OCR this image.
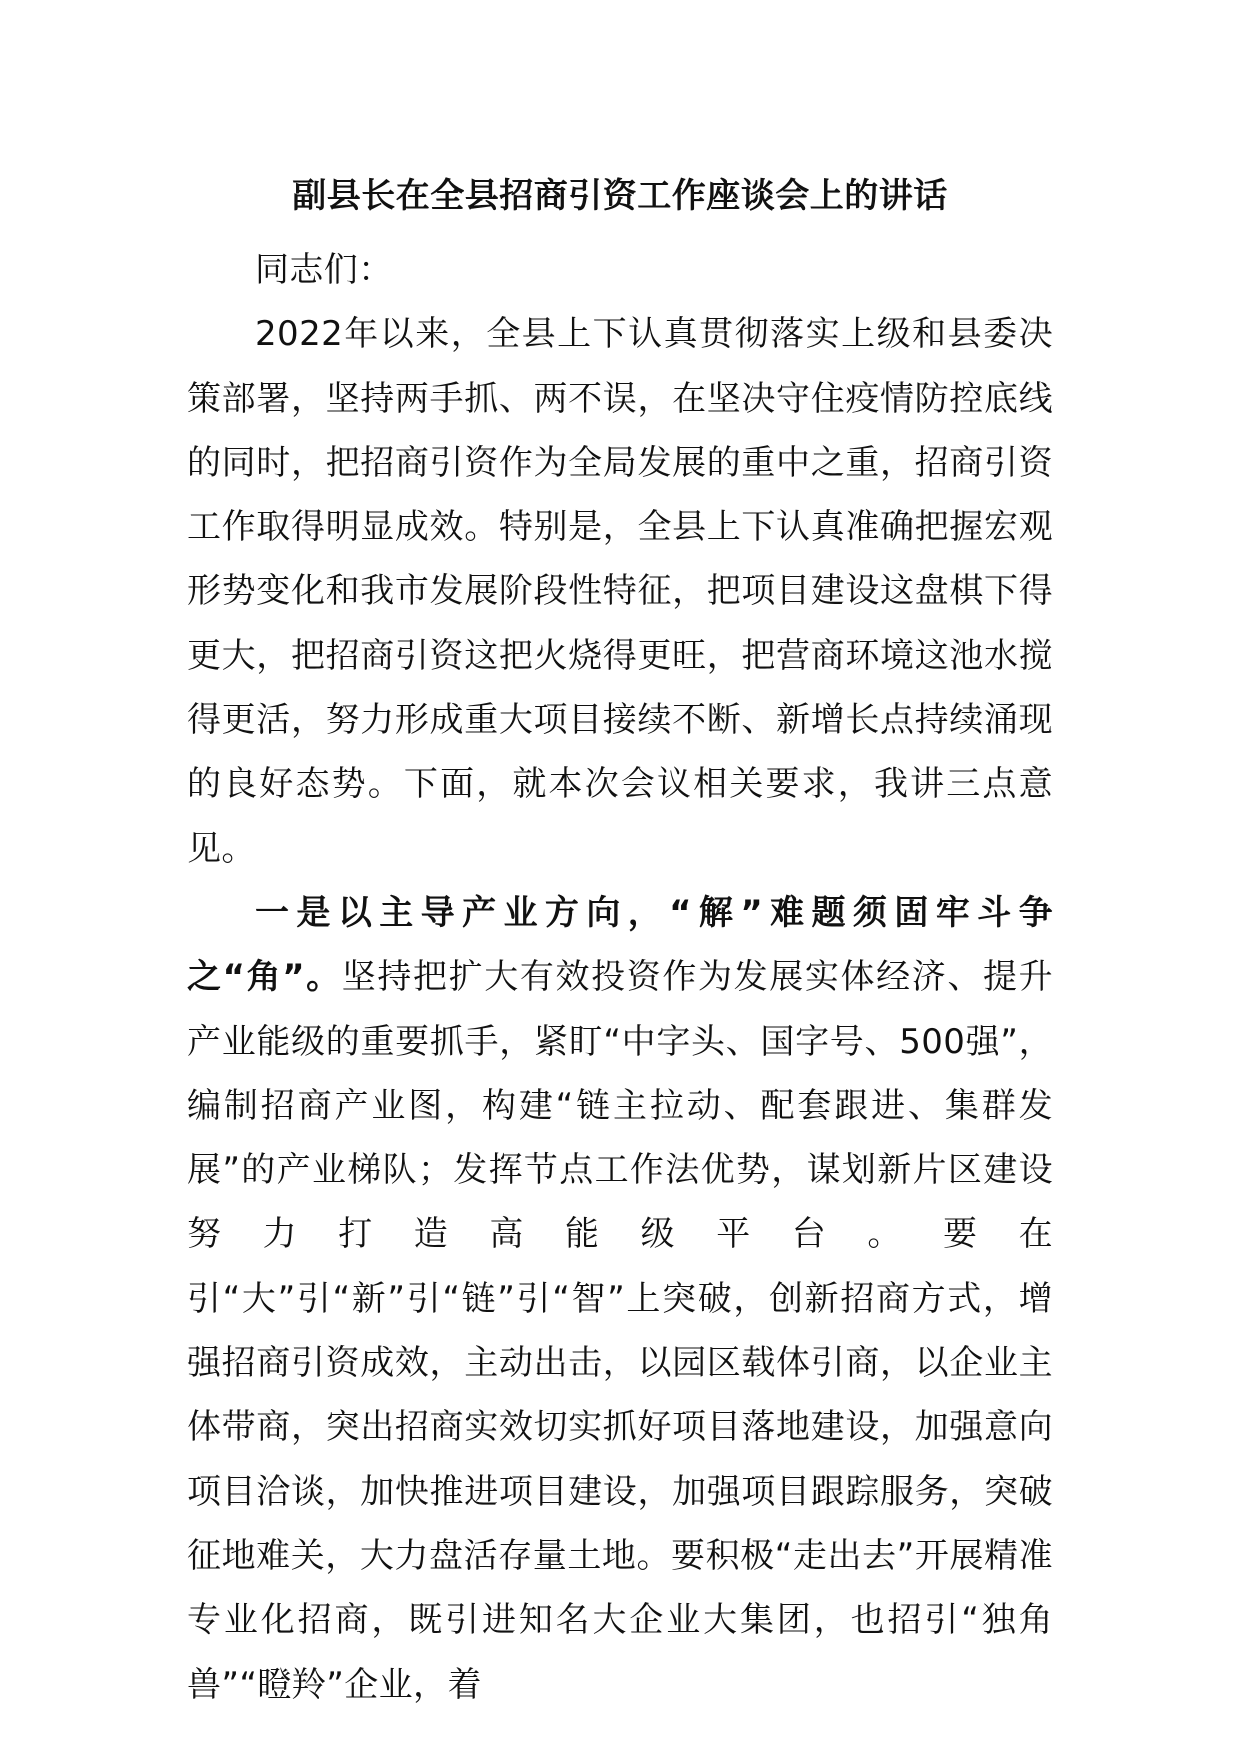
副县长在全县招商引资工作座谈会上的讲话

同志们：

2022年以来，全县上下认真贯彻落实上级和县委决策部署，坚持两手抓、两不误，在坚决守住疫情防控底线的同时，把招商引资作为全局发展的重中之重，招商引资工作取得明显成效。特别是，全县上下认真准确把握宏观形势变化和我市发展阶段性特征，把项目建设这盘棋下得更大，把招商引资这把火烧得更旺，把营商环境这池水搅得更活，努力形成重大项目接续不断、新增长点持续涌现的良好态势。下面，就本次会议相关要求，我讲三点意见。

一是以主导产业方向，“解”难题须固牢斗争之“角”。坚持把扩大有效投资作为发展实体经济、提升产业能级的重要抓手，紧盯“中字头、国字号、500强”，编制招商产业图，构建“链主拉动、配套跟进、集群发展”的产业梯队；发挥节点工作法优势，谋划新片区建设努力打造高能级平台。要在引“大”引“新”引“链”引“智”上突破，创新招商方式，增强招商引资成效，主动出击，以园区载体引商，以企业主体带商，突出招商实效切实抓好项目落地建设，加强意向项目洽谈，加快推进项目建设，加强项目跟踪服务，突破征地难关，大力盘活存量土地。要积极“走出去”开展精准专业化招商，既引进知名大企业大集团，也招引“独角兽”“瞪羚”企业，着
